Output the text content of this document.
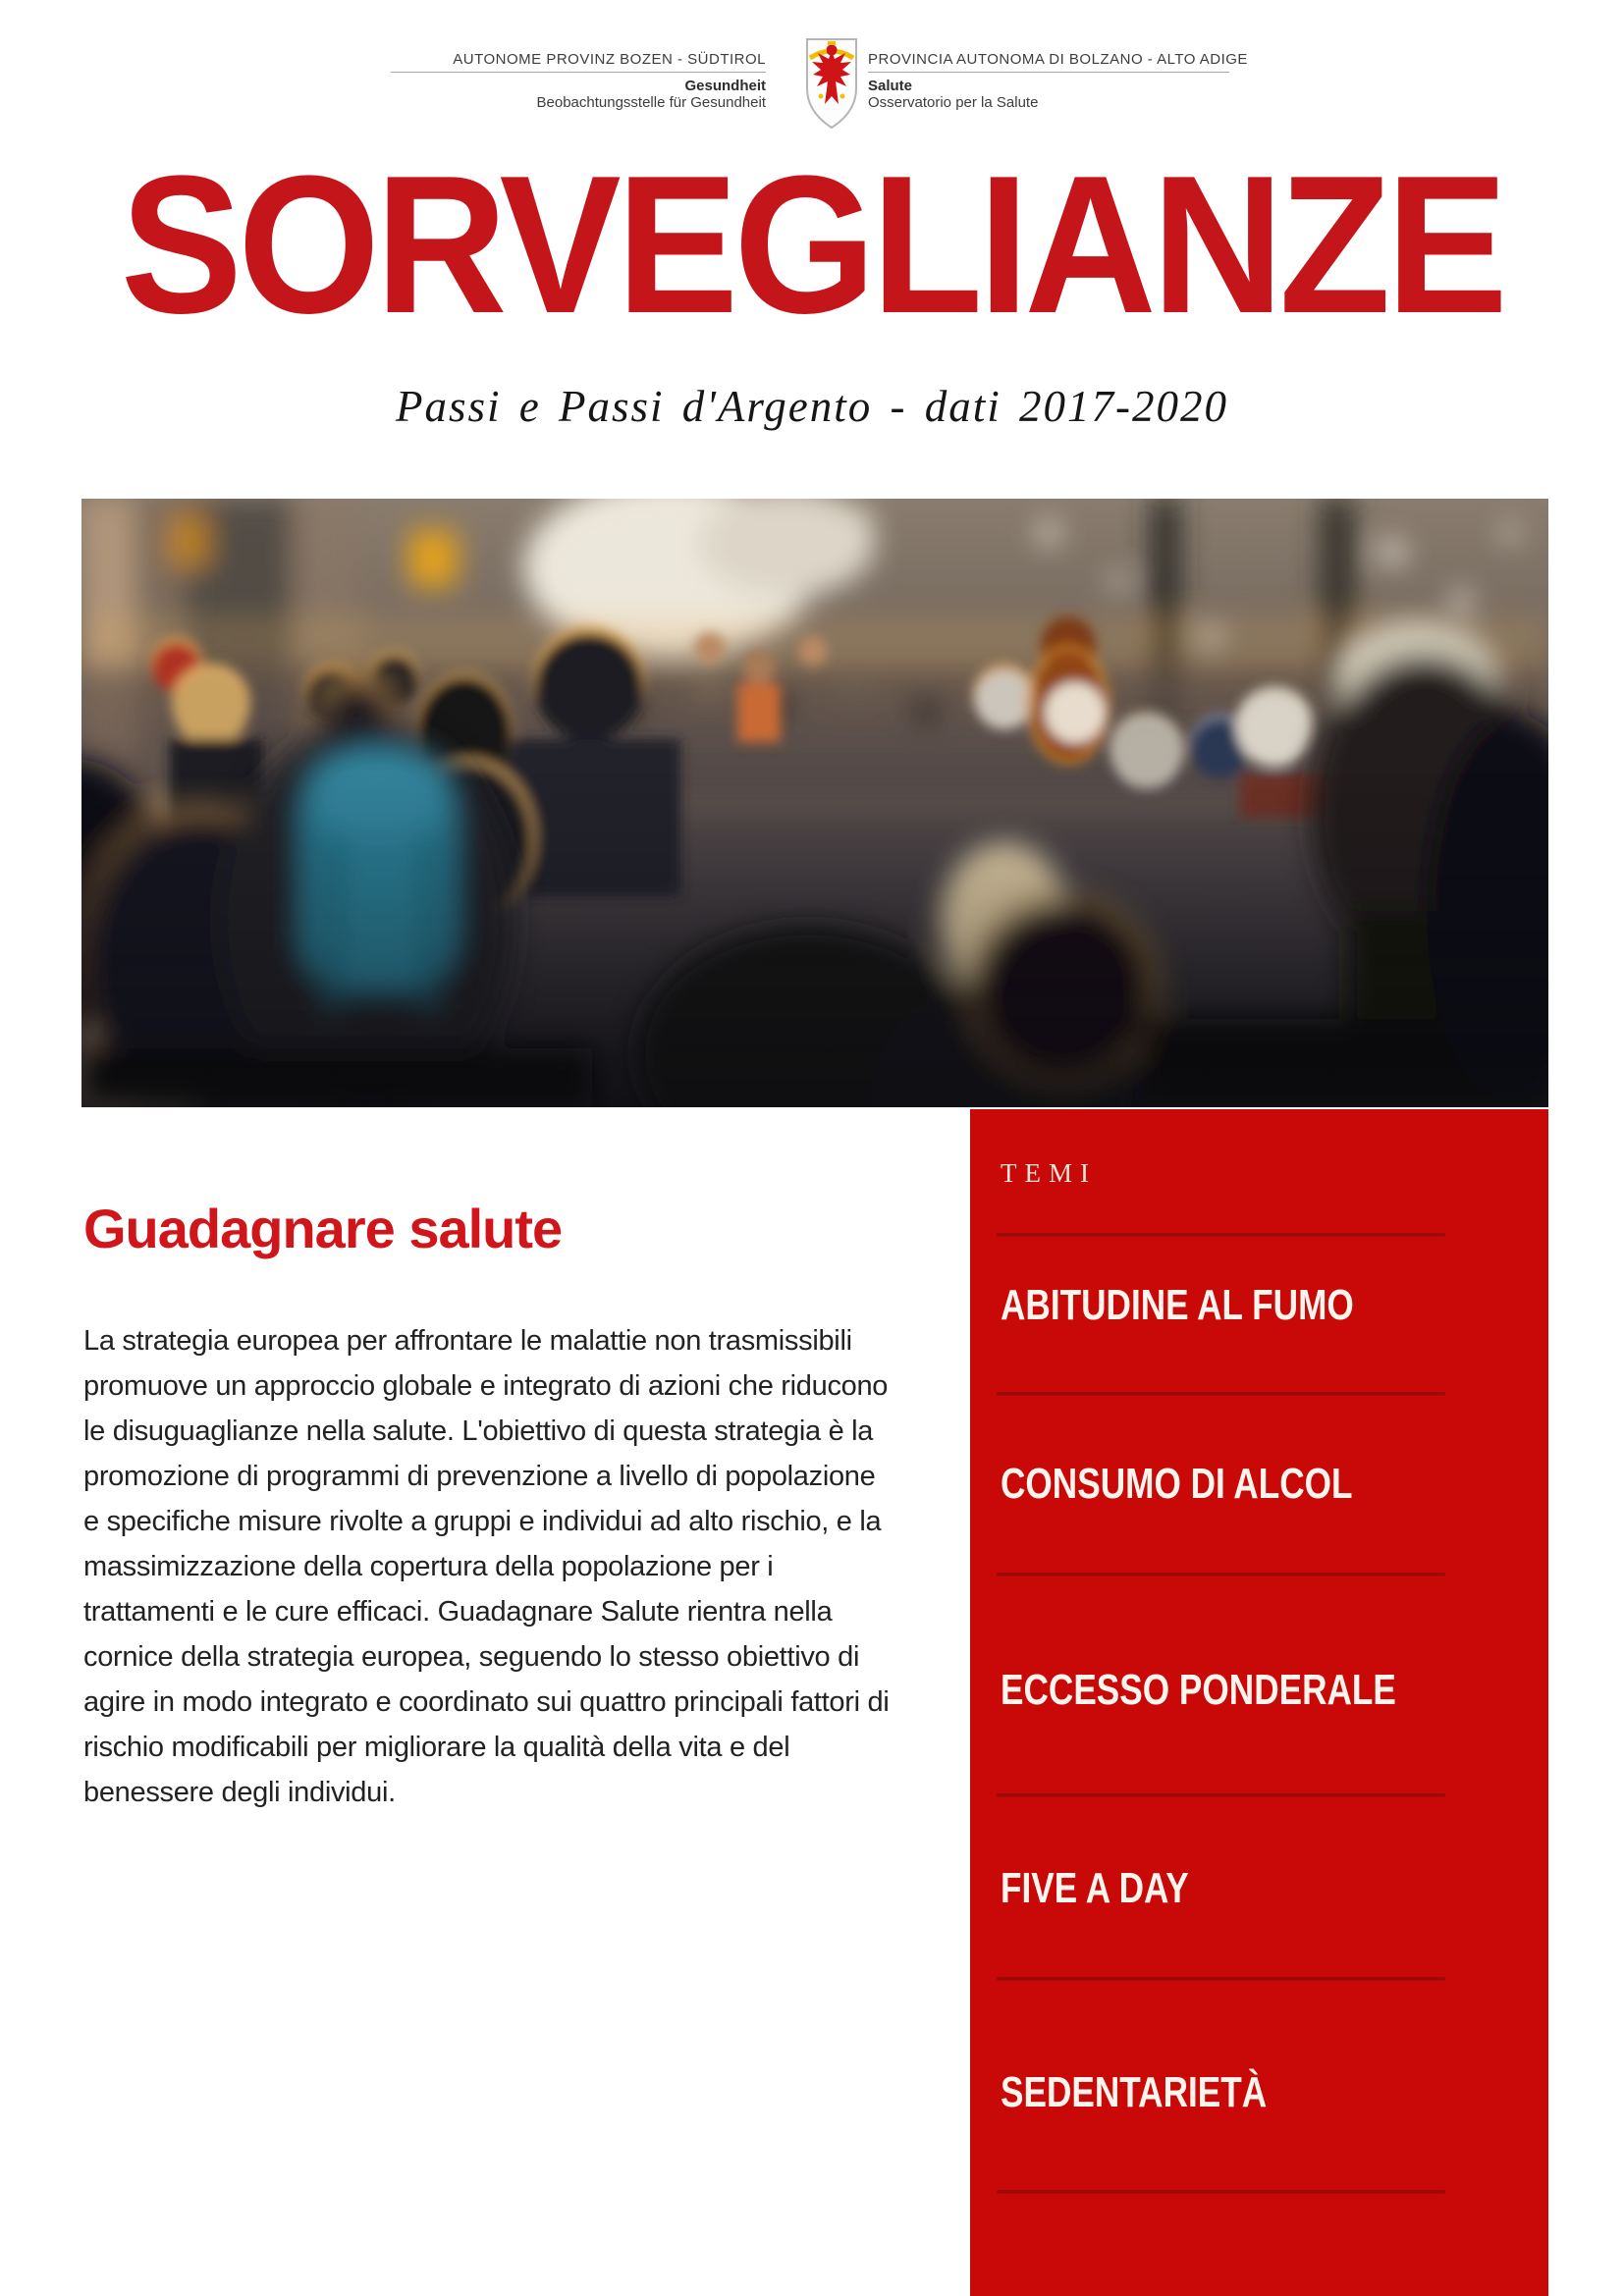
AUTONOME PROVINZ BOZEN - SÜDTIROL
Gesundheit
Beobachtungsstelle für Gesundheit
PROVINCIA AUTONOMA DI BOLZANO - ALTO ADIGE
Salute
Osservatorio per la Salute
SORVEGLIANZE
Passi e Passi d'Argento - dati 2017-2020
Guadagnare salute

La strategia europea per affrontare le malattie non trasmissibili promuove un approccio globale e integrato di azioni che riducono le disuguaglianze nella salute. L'obiettivo di questa strategia è la promozione di programmi di prevenzione a livello di popolazione e specifiche misure rivolte a gruppi e individui ad alto rischio, e la massimizzazione della copertura della popolazione per i trattamenti e le cure efficaci. Guadagnare Salute rientra nella cornice della strategia europea, seguendo lo stesso obiettivo di agire in modo integrato e coordinato sui quattro principali fattori di rischio modificabili per migliorare la qualità della vita e del benessere degli individui.

TEMI
ABITUDINE AL FUMO
CONSUMO DI ALCOL
ECCESSO PONDERALE
FIVE A DAY
SEDENTARIETÀ
